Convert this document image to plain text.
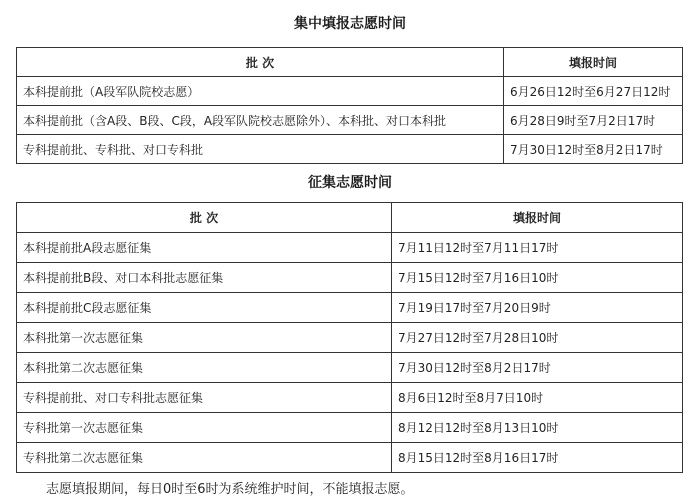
集中填报志愿时间
批 次	填报时间
本科提前批（A段军队院校志愿）	6月26日12时至6月27日12时
本科提前批（含A段、B段、C段，A段军队院校志愿除外）、本科批、对口本科批	6月28日9时至7月2日17时
专科提前批、专科批、对口专科批	7月30日12时至8月2日17时
征集志愿时间
批 次	填报时间
本科提前批A段志愿征集	7月11日12时至7月11日17时
本科提前批B段、对口本科批志愿征集	7月15日12时至7月16日10时
本科提前批C段志愿征集	7月19日17时至7月20日9时
本科批第一次志愿征集	7月27日12时至7月28日10时
本科批第二次志愿征集	7月30日12时至8月2日17时
专科提前批、对口专科批志愿征集	8月6日12时至8月7日10时
专科批第一次志愿征集	8月12日12时至8月13日10时
专科批第二次志愿征集	8月15日12时至8月16日17时
志愿填报期间，每日0时至6时为系统维护时间，不能填报志愿。
